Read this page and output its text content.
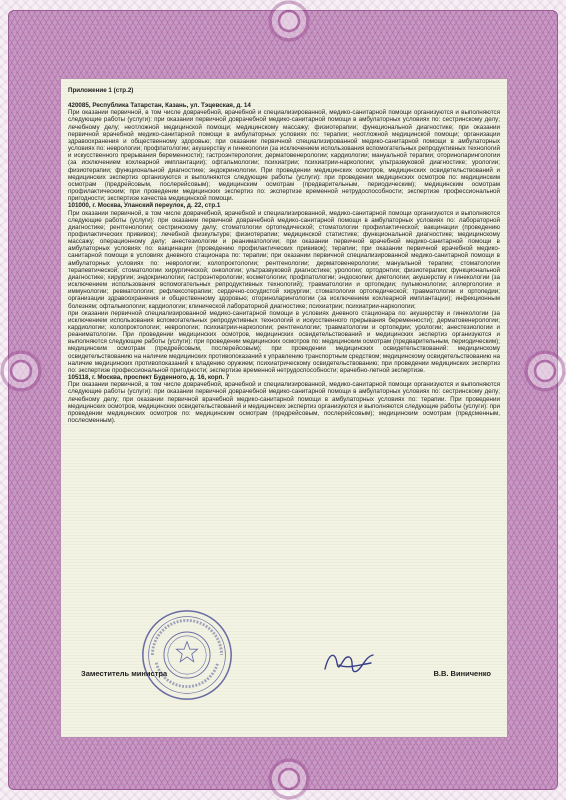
Приложение 1 (стр.2)

420085, Республика Татарстан, Казань, ул. Тэцевская, д. 14

При оказании первичной, в том числе доврачебной, врачебной и специализированной, медико-санитарной помощи организуются и выполняются следующие работы (услуги): при оказании первичной доврачебной медико-санитарной помощи в амбулаторных условиях по: сестринскому делу; лечебному делу; неотложной медицинской помощи; медицинскому массажу; физиотерапии; функциональной диагностике; при оказании первичной врачебной медико-санитарной помощи в амбулаторных условиях по: терапии; неотложной медицинской помощи; организации здравоохранения и общественному здоровью; при оказании первичной специализированной медико-санитарной помощи в амбулаторных условиях по: неврологии; профпатологии; акушерству и гинекологии (за исключением использования вспомогательных репродуктивных технологий и искусственного прерывания беременности); гастроэнтерологии; дерматовенерологии; кардиологии; мануальной терапии; оториноларингологии (за исключением кохлеарной имплантации); офтальмологии; психиатрии; психиатрии-наркологии; ультразвуковой диагностике; урологии; физиотерапии; функциональной диагностике; эндокринологии. При проведении медицинских осмотров, медицинских освидетельствований и медицинских экспертиз организуются и выполняются следующие работы (услуги): при проведении медицинских осмотров по: медицинским осмотрам (предрейсовым, послерейсовым); медицинским осмотрам (предварительным, периодическим); медицинским осмотрам профилактическим; при проведении медицинских экспертиз по: экспертизе временной нетрудоспособности; экспертизе профессиональной пригодности; экспертизе качества медицинской помощи.

101000, г. Москва, Уланский переулок, д. 22, стр.1

При оказании первичной, в том числе доврачебной, врачебной и специализированной, медико-санитарной помощи организуются и выполняются следующие работы (услуги): при оказании первичной доврачебной медико-санитарной помощи в амбулаторных условиях по: лабораторной диагностике; рентгенологии; сестринскому делу; стоматологии ортопедической; стоматологии профилактической; вакцинации (проведению профилактических прививок); лечебной физкультуре; физиотерапии; медицинской статистике; функциональной диагностике; медицинскому массажу; операционному делу; анестезиологии и реаниматологии; при оказании первичной врачебной медико-санитарной помощи в амбулаторных условиях по: вакцинации (проведению профилактических прививок); терапии; при оказании первичной врачебной медико-санитарной помощи в условиях дневного стационара по: терапии; при оказании первичной специализированной медико-санитарной помощи в амбулаторных условиях по: неврологии; колопроктологии; рентгенологии; дерматовенерологии; мануальной терапии; стоматологии терапевтической; стоматологии хирургической; онкологии; ультразвуковой диагностике; урологии; ортодонтии; физиотерапии; функциональной диагностике; хирургии; эндокринологии; гастроэнтерологии; косметологии; профпатологии; эндоскопии; диетологии; акушерству и гинекологии (за исключением использования вспомогательных репродуктивных технологий); травматологии и ортопедии; пульмонологии; аллергологии и иммунологии; ревматологии; рефлексотерапии; сердечно-сосудистой хирургии; стоматологии ортопедической; травматологии и ортопедии; организации здравоохранения и общественному здоровью; оториноларингологии (за исключением кохлеарной имплантации); инфекционным болезням; офтальмологии; кардиологии; клинической лабораторной диагностике; психиатрии; психиатрии-наркологии;

при оказании первичной специализированной медико-санитарной помощи в условиях дневного стационара по: акушерству и гинекологии (за исключением использования вспомогательных репродуктивных технологий и искусственного прерывания беременности); дерматовенерологии; кардиологии; колопроктологии; неврологии; психиатрии-наркологии; рентгенологии; травматологии и ортопедии; урологии; анестезиологии и реаниматологии. При проведении медицинских осмотров, медицинских освидетельствований и медицинских экспертиз организуются и выполняются следующие работы (услуги): при проведении медицинских осмотров по: медицинским осмотрам (предварительным, периодическим); медицинским осмотрам (предрейсовым, послерейсовым); при проведении медицинских освидетельствований: медицинскому освидетельствованию на наличие медицинских противопоказаний к управлению транспортным средством; медицинскому освидетельствованию на наличие медицинских противопоказаний к владению оружием; психиатрическому освидетельствованию; при проведении медицинских экспертиз по: экспертизе профессиональной пригодности; экспертизе временной нетрудоспособности; врачебно-летной экспертизе.

105118, г. Москва, проспект Буденного, д. 16, корп. 7

При оказании первичной, в том числе доврачебной, врачебной и специализированной, медико-санитарной помощи организуются и выполняются следующие работы (услуги): при оказании первичной доврачебной медико-санитарной помощи в амбулаторных условиях по: сестринскому делу; лечебному делу; при оказании первичной врачебной медико-санитарной помощи в амбулаторных условиях по: терапии. При проведении медицинских осмотров, медицинских освидетельствований и медицинских экспертиз организуются и выполняются следующие работы (услуги): при проведении медицинских осмотров по: медицинским осмотрам (предрейсовым, послерейсовым); медицинским осмотрам (предсменным, послесменным).

Заместитель министра	В.В. Виниченко
